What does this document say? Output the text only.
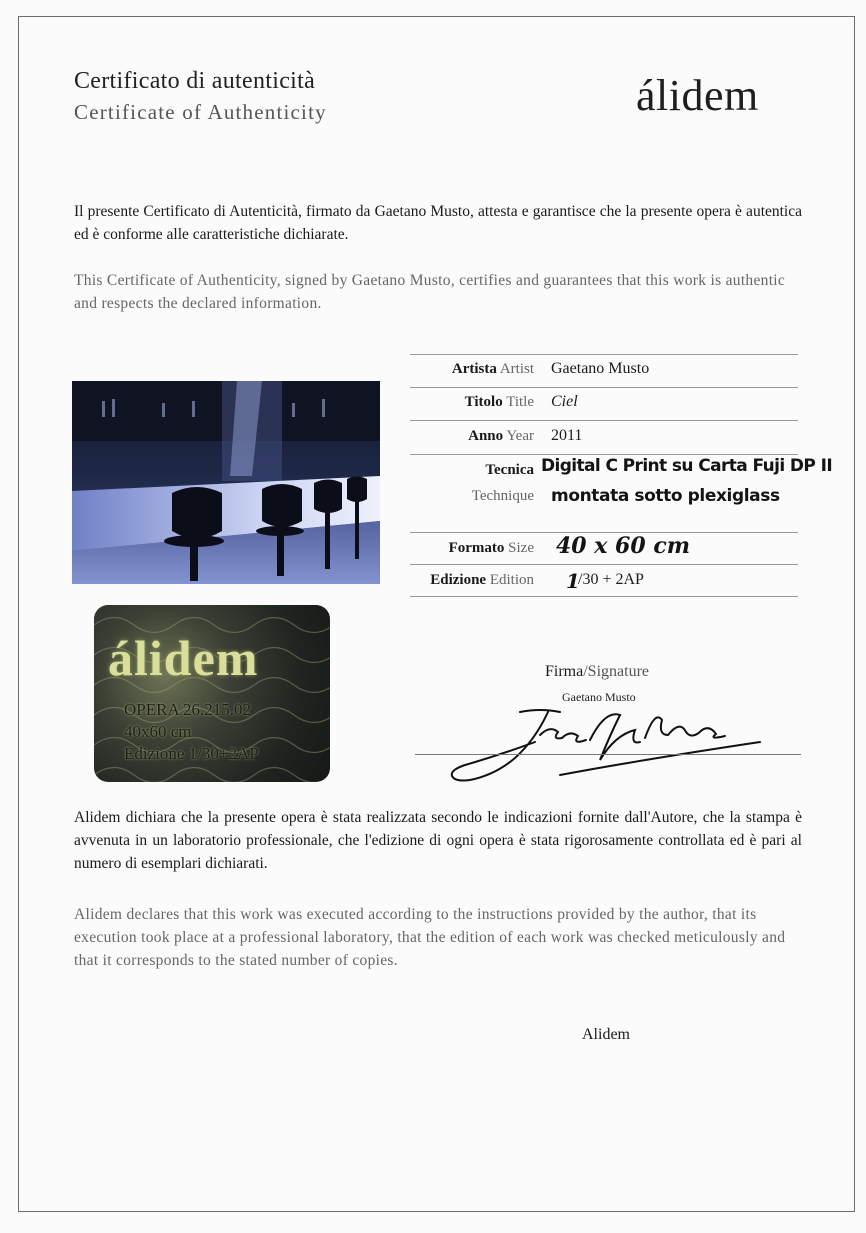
Certificato di autenticità
Certificate of Authenticity	álidem
Il presente Certificato di Autenticità, firmato da Gaetano Musto, attesta e garantisce che la presente opera è autentica ed è conforme alle caratteristiche dichiarate.
This Certificate of Authenticity, signed by Gaetano Musto, certifies and guarantees that this work is authentic and respects the declared information.
álidem
OPERA 26.215.02
40x60 cm
Edizione 1/30+2AP
Artista Artist Gaetano Musto
Titolo Title Ciel
Anno Year 2011
Tecnica
Technique
Digital C Print su Carta Fuji DP II
montata sotto plexiglass
Formato Size 40 x 60 cm
Edizione Edition 1
/30 + 2AP
Firma/Signature
Gaetano Musto
Alidem dichiara che la presente opera è stata realizzata secondo le indicazioni fornite dall'Autore, che la stampa è avvenuta in un laboratorio professionale, che l'edizione di ogni opera è stata rigorosamente controllata ed è pari al numero di esemplari dichiarati.
Alidem declares that this work was executed according to the instructions provided by the author, that its execution took place at a professional laboratory, that the edition of each work was checked meticulously and that it corresponds to the stated number of copies.
Alidem
